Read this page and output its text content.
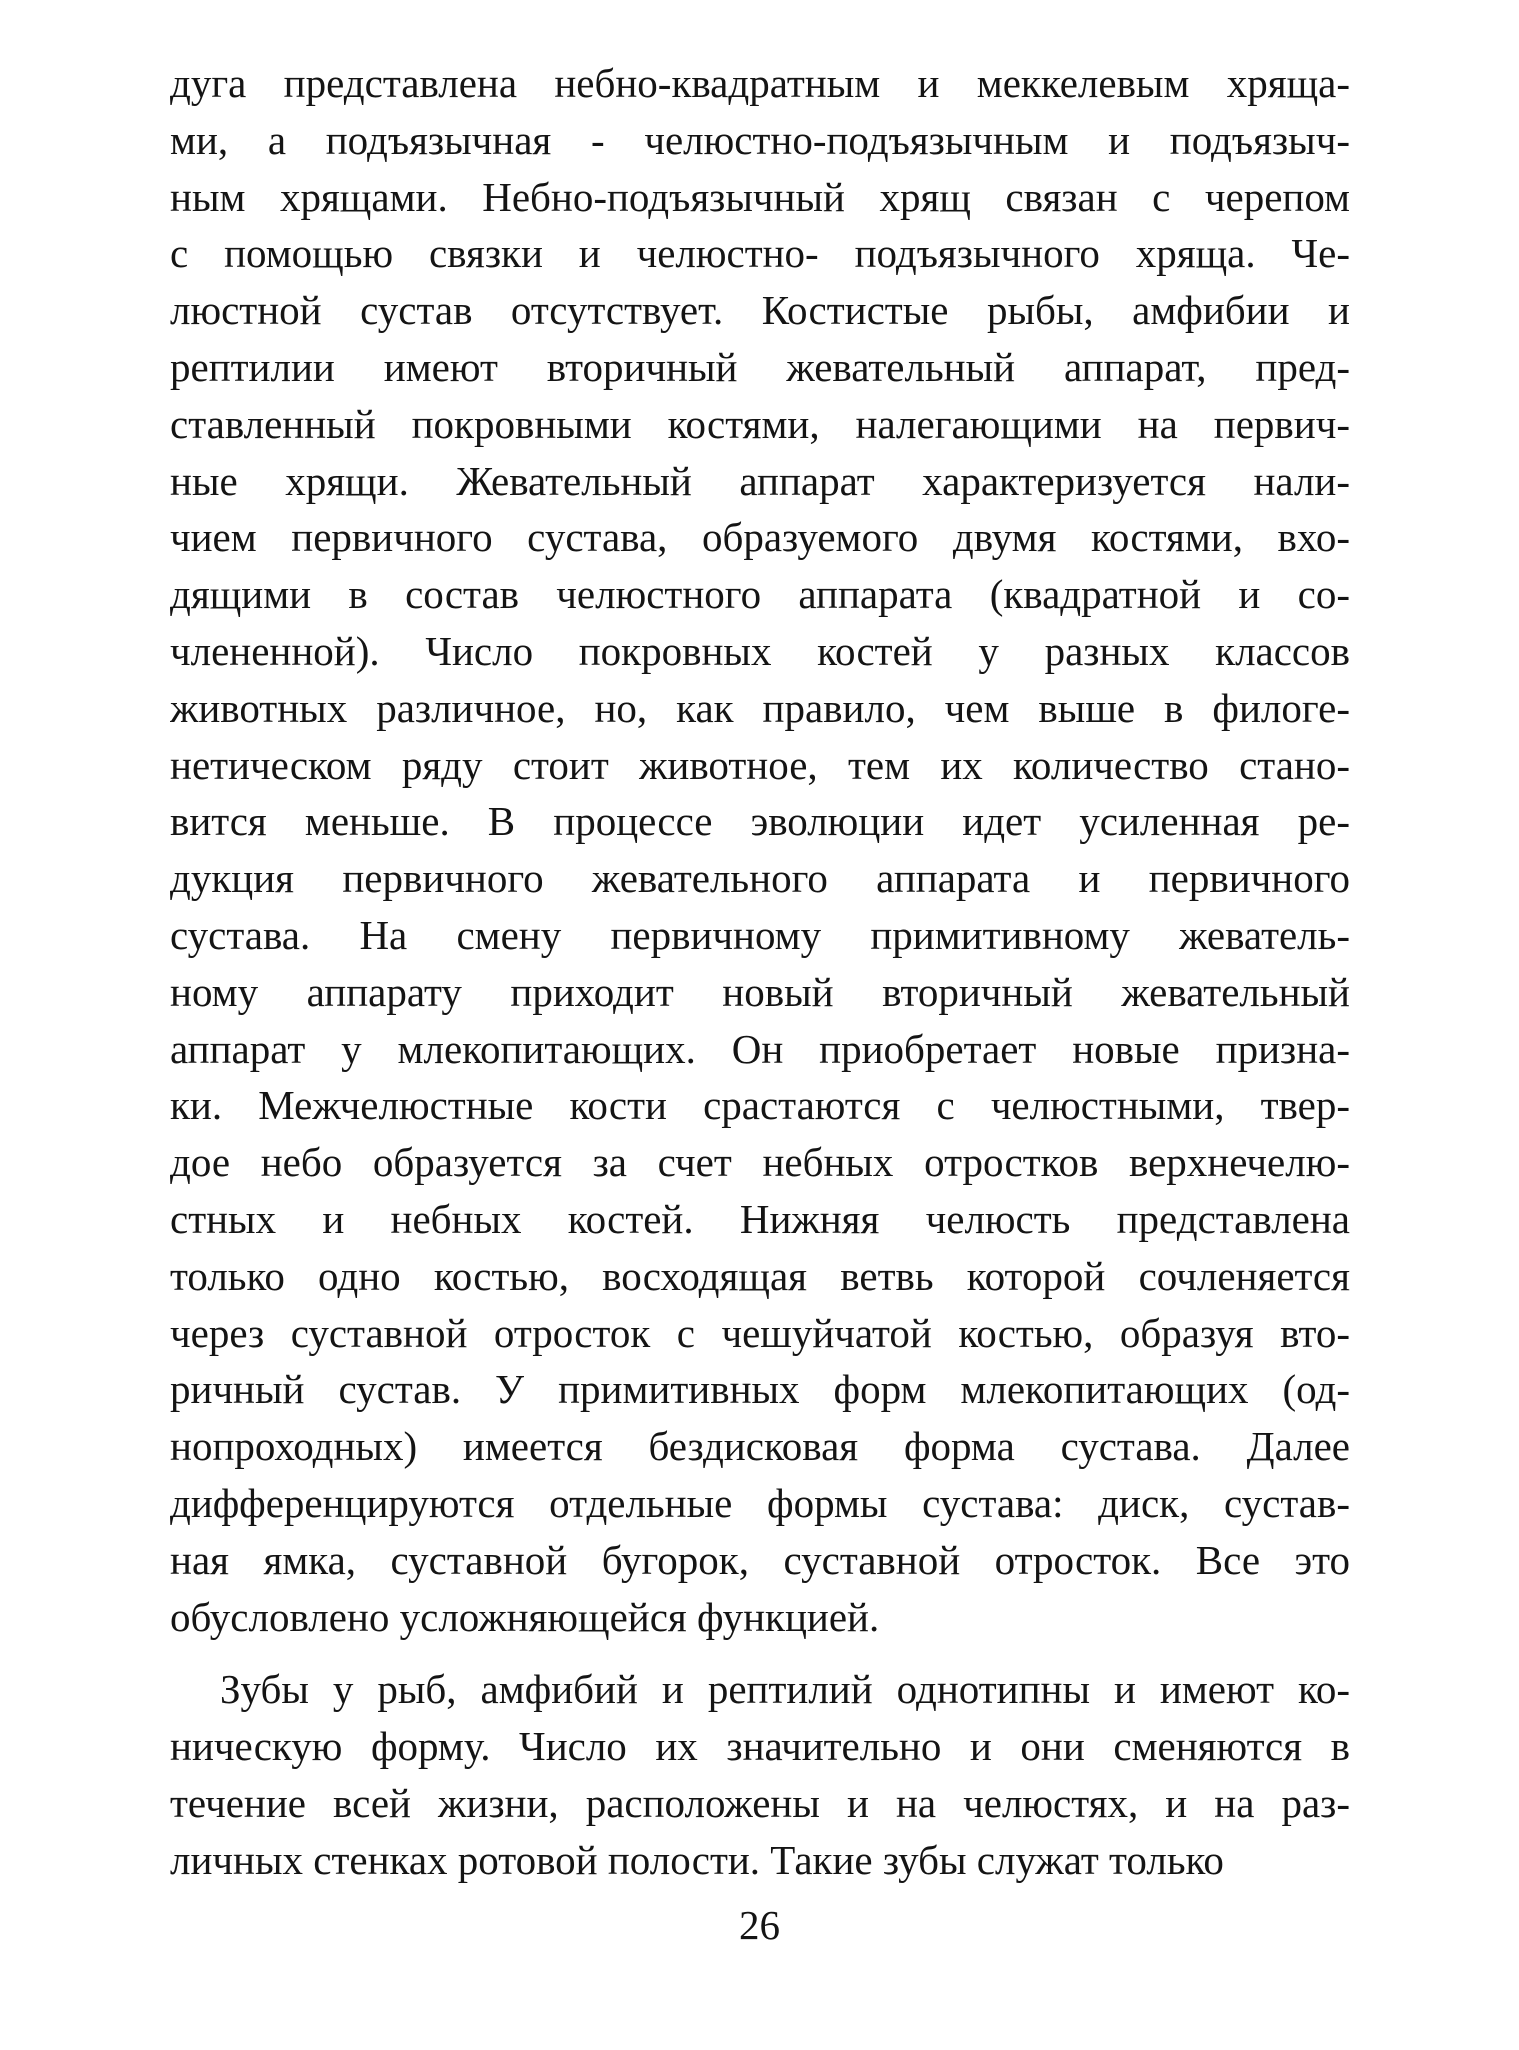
дуга представлена небно-квадратным и меккелевым хряща-
ми, а подъязычная - челюстно-подъязычным и подъязыч-
ным хрящами. Небно-подъязычный хрящ связан с черепом
с помощью связки и челюстно- подъязычного хряща. Че-
люстной сустав отсутствует. Костистые рыбы, амфибии и
рептилии имеют вторичный жевательный аппарат, пред-
ставленный покровными костями, налегающими на первич-
ные хрящи. Жевательный аппарат характеризуется нали-
чием первичного сустава, образуемого двумя костями, вхо-
дящими в состав челюстного аппарата (квадратной и со-
члененной). Число покровных костей у разных классов
животных различное, но, как правило, чем выше в филоге-
нетическом ряду стоит животное, тем их количество стано-
вится меньше. В процессе эволюции идет усиленная ре-
дукция первичного жевательного аппарата и первичного
сустава. На смену первичному примитивному жеватель-
ному аппарату приходит новый вторичный жевательный
аппарат у млекопитающих. Он приобретает новые призна-
ки. Межчелюстные кости срастаются с челюстными, твер-
дое небо образуется за счет небных отростков верхнечелю-
стных и небных костей. Нижняя челюсть представлена
только одно костью, восходящая ветвь которой сочленяется
через суставной отросток с чешуйчатой костью, образуя вто-
ричный сустав. У примитивных форм млекопитающих (од-
нопроходных) имеется бездисковая форма сустава. Далее
дифференцируются отдельные формы сустава: диск, сустав-
ная ямка, суставной бугорок, суставной отросток. Все это
обусловлено усложняющейся функцией.
Зубы у рыб, амфибий и рептилий однотипны и имеют ко-
ническую форму. Число их значительно и они сменяются в
течение всей жизни, расположены и на челюстях, и на раз-
личных стенках ротовой полости. Такие зубы служат только
26
